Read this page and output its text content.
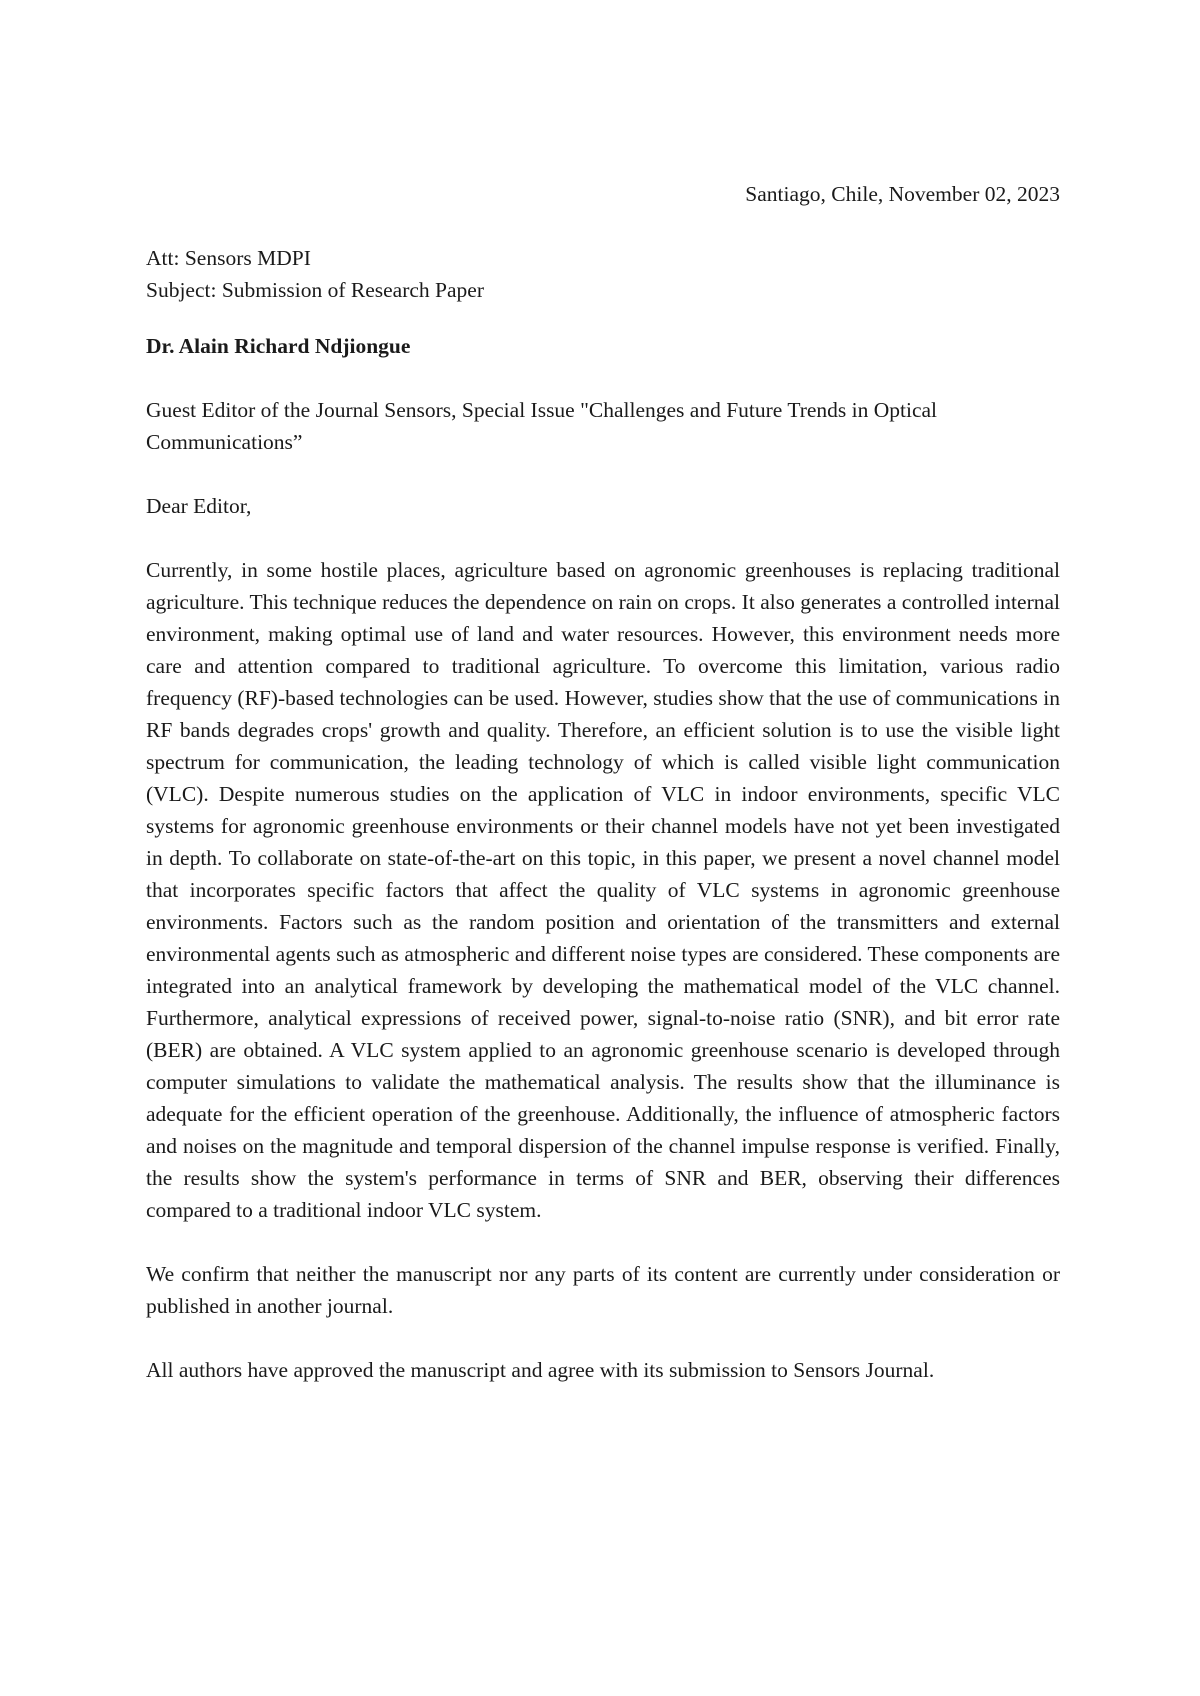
Santiago, Chile, November 02, 2023
Att: Sensors MDPI
Subject: Submission of Research Paper
Dr. Alain Richard Ndjiongue
Guest Editor of the Journal Sensors, Special Issue "Challenges and Future Trends in Optical Communications”
Dear Editor,

Currently, in some hostile places, agriculture based on agronomic greenhouses is replacing traditional agriculture. This technique reduces the dependence on rain on crops. It also generates a controlled internal environment, making optimal use of land and water resources. However, this environment needs more care and attention compared to traditional agriculture. To overcome this limitation, various radio frequency (RF)-based technologies can be used. However, studies show that the use of communications in RF bands degrades crops' growth and quality. Therefore, an efficient solution is to use the visible light spectrum for communication, the leading technology of which is called visible light communication (VLC). Despite numerous studies on the application of VLC in indoor environments, specific VLC systems for agronomic greenhouse environments or their channel models have not yet been investigated in depth. To collaborate on state-of-the-art on this topic, in this paper, we present a novel channel model that incorporates specific factors that affect the quality of VLC systems in agronomic greenhouse environments. Factors such as the random position and orientation of the transmitters and external environmental agents such as atmospheric and different noise types are considered. These components are integrated into an analytical framework by developing the mathematical model of the VLC channel. Furthermore, analytical expressions of received power, signal-to-noise ratio (SNR), and bit error rate (BER) are obtained. A VLC system applied to an agronomic greenhouse scenario is developed through computer simulations to validate the mathematical analysis. The results show that the illuminance is adequate for the efficient operation of the greenhouse. Additionally, the influence of atmospheric factors and noises on the magnitude and temporal dispersion of the channel impulse response is verified. Finally, the results show the system's performance in terms of SNR and BER, observing their differences compared to a traditional indoor VLC system.

We confirm that neither the manuscript nor any parts of its content are currently under consideration or published in another journal.

All authors have approved the manuscript and agree with its submission to Sensors Journal.
